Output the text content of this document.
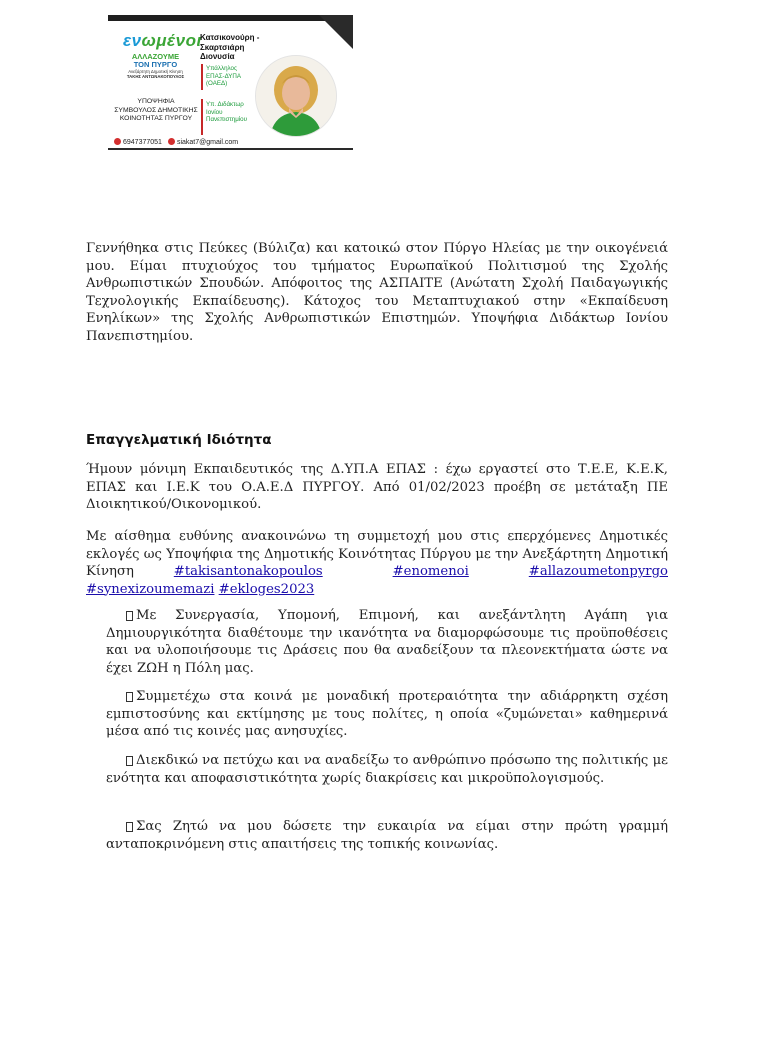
ενωμένοι
ΑΛΛΑΖΟΥΜΕ
ΤΟΝ ΠΥΡΓΟ
Ανεξάρτητη Δημοτική Κίνηση
ΤΑΚΗΣ ΑΝΤΩΝΑΚΟΠΟΥΛΟΣ
ΥΠΟΨΗΦΙΑ
ΣΥΜΒΟΥΛΟΣ ΔΗΜΟΤΙΚΗΣ
ΚΟΙΝΟΤΗΤΑΣ ΠΥΡΓΟΥ
Κατσικονούρη - Σκαρτσιάρη
Διονυσία
Υπάλληλος
ΕΠΑΣ-ΔΥΠΑ
(ΟΑΕΔ)
Υπ. Διδάκτωρ
Ιονίου
Πανεπιστημίου
6947377051 siakat7@gmail.com

Γεννήθηκα στις Πεύκες (Βύλιζα) και κατοικώ στον Πύργο Ηλείας με την οικογένειά μου. Είμαι πτυχιούχος του τμήματος Ευρωπαϊκού Πολιτισμού της Σχολής Ανθρωπιστικών Σπουδών. Απόφοιτος της ΑΣΠΑΙΤΕ (Ανώτατη Σχολή Παιδαγωγικής Τεχνολογικής Εκπαίδευσης). Κάτοχος του Μεταπτυχιακού στην «Εκπαίδευση Ενηλίκων» της Σχολής Ανθρωπιστικών Επιστημών. Υποψήφια Διδάκτωρ Ιονίου Πανεπιστημίου.

Επαγγελματική Ιδιότητα

Ήμουν μόνιμη Εκπαιδευτικός της Δ.ΥΠ.Α ΕΠΑΣ : έχω εργαστεί στο Τ.Ε.Ε, Κ.Ε.Κ, ΕΠΑΣ και Ι.Ε.Κ του Ο.Α.Ε.Δ ΠΥΡΓΟΥ. Από 01/02/2023 προέβη σε μετάταξη ΠΕ Διοικητικού/Οικονομικού.

Με αίσθημα ευθύνης ανακοινώνω τη συμμετοχή μου στις επερχόμενες Δημοτικές εκλογές ως Υποψήφια της Δημοτικής Κοινότητας Πύργου με την Ανεξάρτητη Δημοτική Κίνηση	#takisantonakopoulos	#enomenoi	#allazoumetonpyrgo #synexizoumemazi #ekloges2023

Με Συνεργασία, Υπομονή, Επιμονή, και ανεξάντλητη Αγάπη για Δημιουργικότητα διαθέτουμε την ικανότητα να διαμορφώσουμε τις προϋποθέσεις και να υλοποιήσουμε τις Δράσεις που θα αναδείξουν τα πλεονεκτήματα ώστε να έχει ΖΩΗ η Πόλη μας.

Συμμετέχω στα κοινά με μοναδική προτεραιότητα την αδιάρρηκτη σχέση εμπιστοσύνης και εκτίμησης με τους πολίτες, η οποία «ζυμώνεται» καθημερινά μέσα από τις κοινές μας ανησυχίες.

Διεκδικώ να πετύχω και να αναδείξω το ανθρώπινο πρόσωπο της πολιτικής με ενότητα και αποφασιστικότητα χωρίς διακρίσεις και μικροϋπολογισμούς.

Σας Ζητώ να μου δώσετε την ευκαιρία να είμαι στην πρώτη γραμμή ανταποκρινόμενη στις απαιτήσεις της τοπικής κοινωνίας.
